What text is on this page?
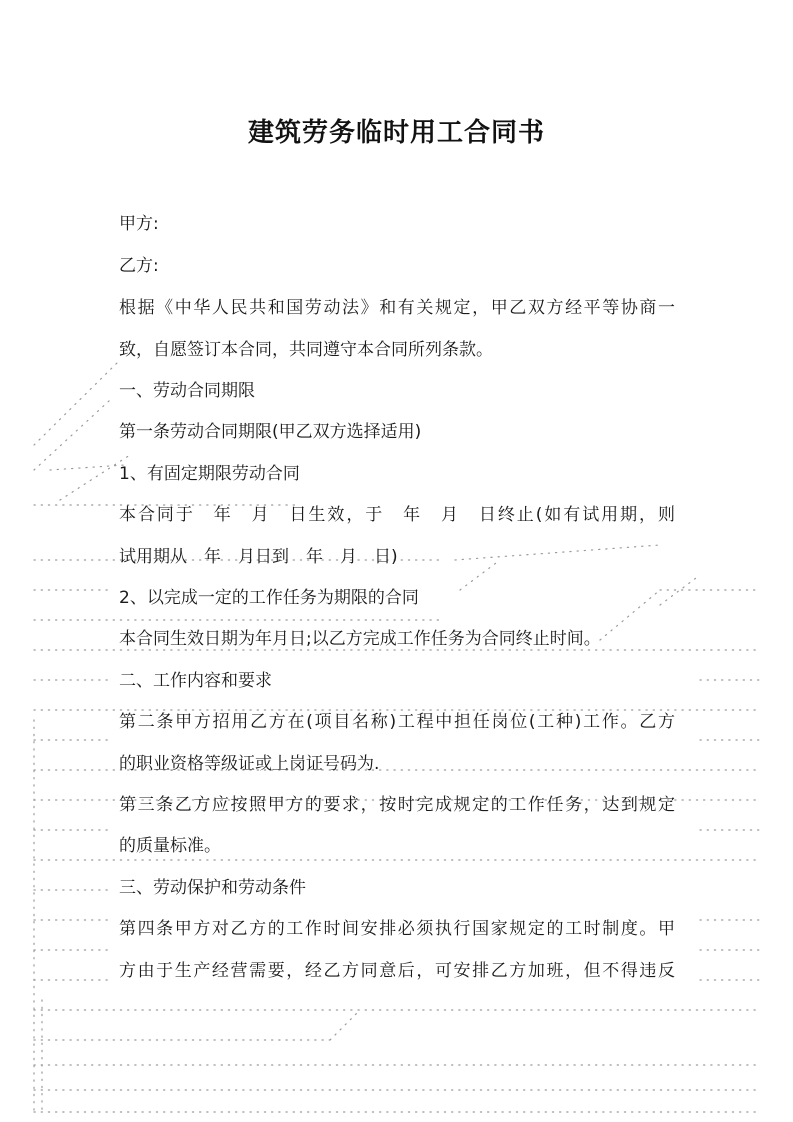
建筑劳务临时用工合同书

甲方:

乙方:

根据《中华人民共和国劳动法》和有关规定，甲乙双方经平等协商一

致，自愿签订本合同，共同遵守本合同所列条款。

一、劳动合同期限

第一条劳动合同期限(甲乙双方选择适用)

1、有固定期限劳动合同

本合同于　年　月　日生效，于　年　月　日终止(如有试用期，则

试用期从　年　月日到　年　月　日)

2、以完成一定的工作任务为期限的合同

本合同生效日期为年月日;以乙方完成工作任务为合同终止时间。

二、工作内容和要求

第二条甲方招用乙方在(项目名称)工程中担任岗位(工种)工作。乙方

的职业资格等级证或上岗证号码为.

第三条乙方应按照甲方的要求，按时完成规定的工作任务，达到规定

的质量标准。

三、劳动保护和劳动条件

第四条甲方对乙方的工作时间安排必须执行国家规定的工时制度。甲

方由于生产经营需要，经乙方同意后，可安排乙方加班，但不得违反
